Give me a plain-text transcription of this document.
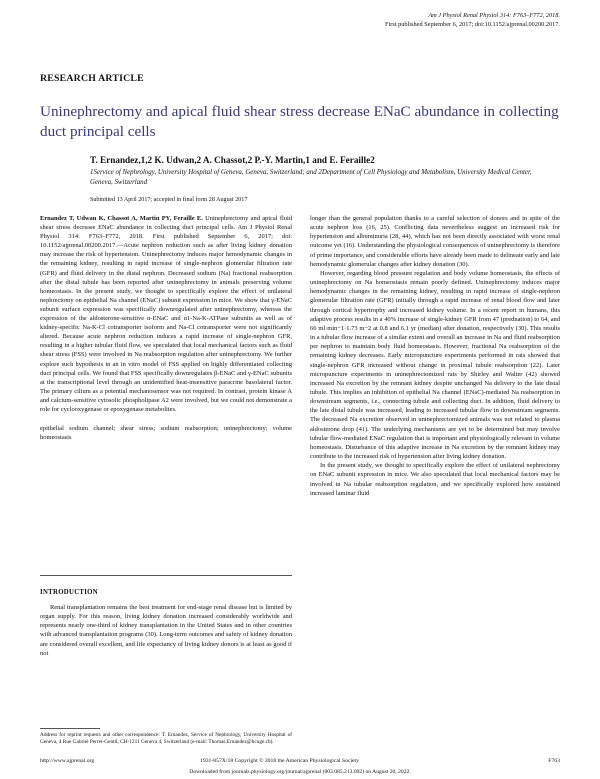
Am J Physiol Renal Physiol 314: F763–F772, 2018.
First published September 6, 2017; doi:10.1152/ajprenal.00200.2017.
RESEARCH ARTICLE
Uninephrectomy and apical fluid shear stress decrease ENaC abundance in collecting duct principal cells
T. Ernandez,1,2 K. Udwan,2 A. Chassot,2 P.-Y. Martin,1 and E. Feraille2
1Service of Nephrology, University Hospital of Geneva, Geneva, Switzerland; and 2Department of Cell Physiology and Metabolism, University Medical Center, Geneva, Switzerland
Submitted 13 April 2017; accepted in final form 28 August 2017

Ernandez T, Udwan K, Chassot A, Martin PY, Feraille E. Uninephrectomy and apical fluid shear stress decrease ENaC abundance in collecting duct principal cells. Am J Physiol Renal Physiol 314: F763–F772, 2018. First published September 6, 2017; doi: 10.1152/ajprenal.00200.2017.—Acute nephron reduction such as after living kidney donation may increase the risk of hypertension. Uninephrectomy induces major hemodynamic changes in the remaining kidney, resulting in rapid increase of single-nephron glomerular filtration rate (GFR) and fluid delivery in the distal nephron. Decreased sodium (Na) fractional reabsorption after the distal tubule has been reported after uninephrectomy in animals preserving volume homeostasis. In the present study, we thought to specifically explore the effect of unilateral nephrectomy on epithelial Na channel (ENaC) subunit expression in mice. We show that γ-ENaC subunit surface expression was specifically downregulated after uninephrectomy, whereas the expression of the aldosterone-sensitive α-ENaC and α1-Na-K-ATPase subunits as well as of kidney-specific Na-K-Cl cotransporter isoform and Na-Cl cotransporter were not significantly altered. Because acute nephron reduction induces a rapid increase of single-nephron GFR, resulting in a higher tubular fluid flow, we speculated that local mechanical factors such as fluid shear stress (FSS) were involved in Na reabsorption regulation after uninephrectomy. We further explore such hypothesis in an in vitro model of FSS applied on highly differentiated collecting duct principal cells. We found that FSS specifically downregulates β-ENaC and γ-ENaC subunits at the transcriptional level through an unidentified heat-insensitive paracrine basolateral factor. The primary cilium as a potential mechanosensor was not required. In contrast, protein kinase A and calcium-sensitive cytosolic phospholipase A2 were involved, but we could not demonstrate a role for cyclooxygenase or epoxygenase metabolites.

epithelial sodium channel; shear stress; sodium reabsorption; uninephrectomy; volume homeostasis

INTRODUCTION

Renal transplantation remains the best treatment for end-stage renal disease but is limited by organ supply. For this reason, living kidney donation increased considerably worldwide and represents nearly one-third of kidney transplantation in the United States and in other countries with advanced transplantation programs (30). Long-term outcomes and safety of kidney donation are considered overall excellent, and life expectancy of living kidney donors is at least as good if not

Address for reprint requests and other correspondence: T. Ernandez, Service of Nephrology, University Hospital of Geneva, 4 Rue Gabriel Perret-Gentil, CH-1211 Geneva 4, Switzerland (e-mail: Thomas.Ernandez@hcuge.ch).

longer than the general population thanks to a careful selection of donors and in spite of the acute nephron loss (16, 25). Conflicting data nevertheless suggest an increased risk for hypertension and albuminuria (28, 44), which has not been directly associated with worst renal outcome yet (16). Understanding the physiological consequences of uninephrectomy is therefore of prime importance, and considerable efforts have already been made to delineate early and late hemodynamic glomerular changes after kidney donation (30).

However, regarding blood pressure regulation and body volume homeostasis, the effects of uninephrectomy on Na homeostasis remain poorly defined. Uninephrectomy induces major hemodynamic changes in the remaining kidney, resulting in rapid increase of single-nephron glomerular filtration rate (GFR) initially through a rapid increase of renal blood flow and later through cortical hypertrophy and increased kidney volume. In a recent report in humans, this adaptive process results in a 40% increase of single-kidney GFR from 47 (prednation) to 64, and 66 ml·min−1·1.73 m−2 at 0.8 and 6.1 yr (median) after donation, respectively (30). This results in a tubular flow increase of a similar extent and overall an increase in Na and fluid reabsorption per nephron to maintain body fluid homeostasis. However, fractional Na reabsorption of the remaining kidney decreases. Early micropuncture experiments performed in rats showed that single-nephron GFR increased without change in proximal tubule reabsorption (22). Later micropuncture experiments in uninephrectomized rats by Shirley and Walter (42) showed increased Na excretion by the remnant kidney despite unchanged Na delivery to the late distal tubule. This implies an inhibition of epithelial Na channel (ENaC)-mediated Na reabsorption in downstream segments, i.e., connecting tubule and collecting duct. In addition, fluid delivery to the late distal tubule was increased, leading to increased tubular flow in downstream segments. The decreased Na excretion observed in uninephrectomized animals was not related to plasma aldosterone drop (41). The underlying mechanisms are yet to be determined but may involve tubular flow-mediated ENaC regulation that is important and physiologically relevant in volume homeostasis. Disturbance of this adaptive increase in Na excretion by the remnant kidney may contribute to the increased risk of hypertension after living kidney donation.

In the present study, we thought to specifically explore the effect of unilateral nephrectomy on ENaC subunit expression in mice. We also speculated that local mechanical factors may be involved in Na tubular reabsorption regulation, and we specifically explored how sustained increased laminar fluid

http://www.ajprenal.org	1931-857X/18 Copyright © 2018 the American Physiological Society	F763
Downloaded from journals.physiology.org/journal/ajprenal (003.085.213.092) on August 20, 2022.
